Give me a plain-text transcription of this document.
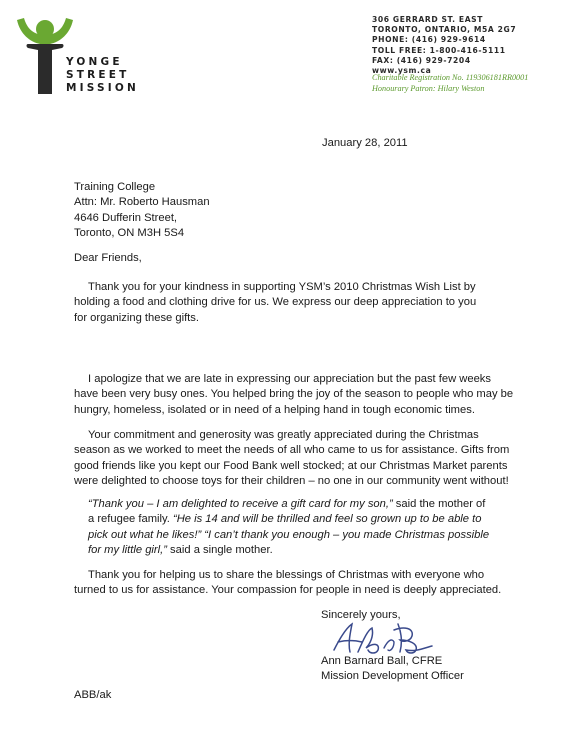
YONGE
STREET
MISSION
306 GERRARD ST. EAST
TORONTO, ONTARIO, M5A 2G7
PHONE: (416) 929-9614
TOLL FREE: 1-800-416-5111
FAX: (416) 929-7204
www.ysm.ca
Charitable Registration No. 119306181RR0001
Honourary Patron: Hilary Weston
January 28, 2011
Training College
Attn: Mr. Roberto Hausman
4646 Dufferin Street,
Toronto, ON M3H 5S4
Dear Friends,
Thank you for your kindness in supporting YSM’s 2010 Christmas Wish List by
holding a food and clothing drive for us. We express our deep appreciation to you
for organizing these gifts.
I apologize that we are late in expressing our appreciation but the past few weeks
have been very busy ones. You helped bring the joy of the season to people who may be
hungry, homeless, isolated or in need of a helping hand in tough economic times.
Your commitment and generosity was greatly appreciated during the Christmas
season as we worked to meet the needs of all who came to us for assistance. Gifts from
good friends like you kept our Food Bank well stocked; at our Christmas Market parents
were delighted to choose toys for their children – no one in our community went without!
“Thank you – I am delighted to receive a gift card for my son,” said the mother of
a refugee family. “He is 14 and will be thrilled and feel so grown up to be able to
pick out what he likes!” “I can’t thank you enough – you made Christmas possible
for my little girl,” said a single mother.
Thank you for helping us to share the blessings of Christmas with everyone who
turned to us for assistance. Your compassion for people in need is deeply appreciated.
Sincerely yours,
Ann Barnard Ball, CFRE
Mission Development Officer
ABB/ak
